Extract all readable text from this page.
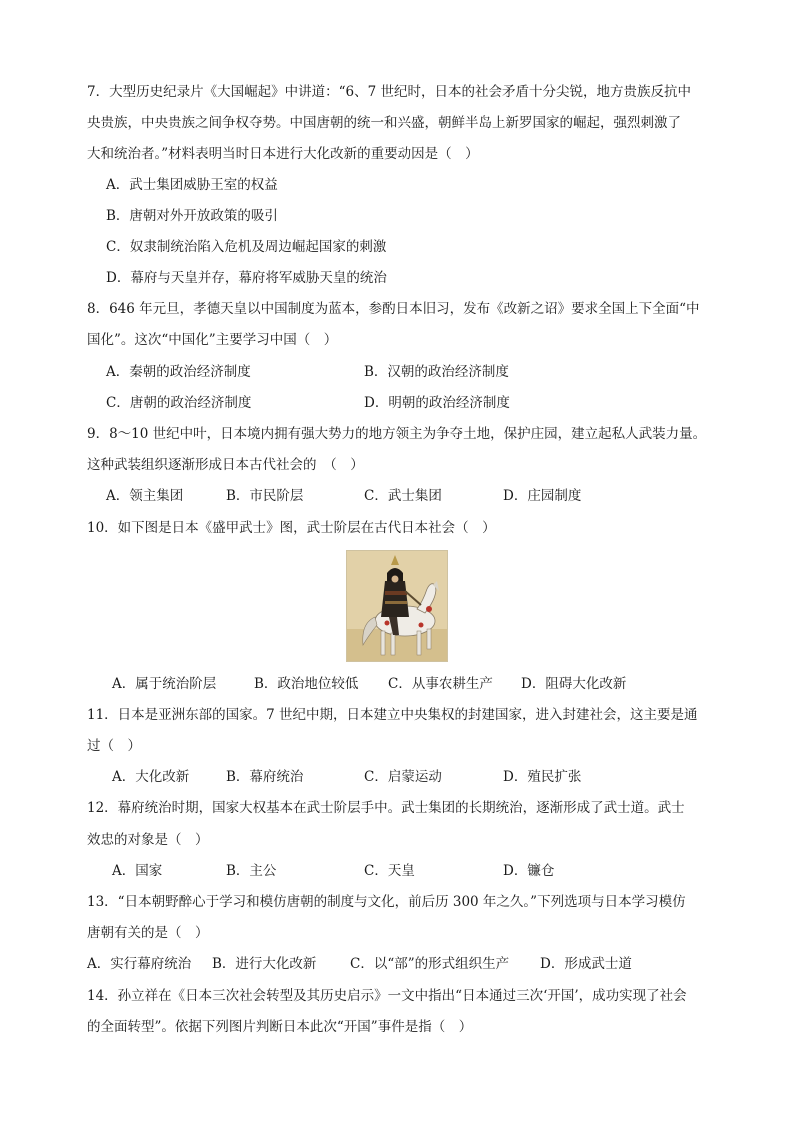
7．大型历史纪录片《大国崛起》中讲道：“6、7 世纪时，日本的社会矛盾十分尖锐，地方贵族反抗中
央贵族，中央贵族之间争权夺势。中国唐朝的统一和兴盛，朝鲜半岛上新罗国家的崛起，强烈刺激了
大和统治者。”材料表明当时日本进行大化改新的重要动因是（　）
A．武士集团威胁王室的权益
B．唐朝对外开放政策的吸引
C．奴隶制统治陷入危机及周边崛起国家的刺激
D．幕府与天皇并存，幕府将军威胁天皇的统治
8．646 年元旦，孝德天皇以中国制度为蓝本，参酌日本旧习，发布《改新之诏》要求全国上下全面“中
国化”。这次“中国化”主要学习中国（　）
A．秦朝的政治经济制度	B．汉朝的政治经济制度
C．唐朝的政治经济制度	D．明朝的政治经济制度
9．8～10 世纪中叶，日本境内拥有强大势力的地方领主为争夺土地，保护庄园，建立起私人武装力量。
这种武装组织逐渐形成日本古代社会的　（　）
A．领主集团	B．市民阶层	C．武士集团	D．庄园制度
10．如下图是日本《盛甲武士》图，武士阶层在古代日本社会（　）
A．属于统治阶层	B．政治地位较低 C．从事农耕生产 D．阻碍大化改新
11．日本是亚洲东部的国家。7 世纪中期，日本建立中央集权的封建国家，进入封建社会，这主要是通
过（　）
A．大化改新	B．幕府统治	C．启蒙运动	D．殖民扩张
12．幕府统治时期，国家大权基本在武士阶层手中。武士集团的长期统治，逐渐形成了武士道。武士
效忠的对象是（　）
A．国家	B．主公	C．天皇	D．镰仓
13．“日本朝野醉心于学习和模仿唐朝的制度与文化，前后历 300 年之久。”下列选项与日本学习模仿
唐朝有关的是（　）
A．实行幕府统治 B．进行大化改新 C．以“部”的形式组织生产 D．形成武士道
14．孙立祥在《日本三次社会转型及其历史启示》一文中指出“日本通过三次‘开国’，成功实现了社会
的全面转型”。依据下列图片判断日本此次“开国”事件是指（　）
